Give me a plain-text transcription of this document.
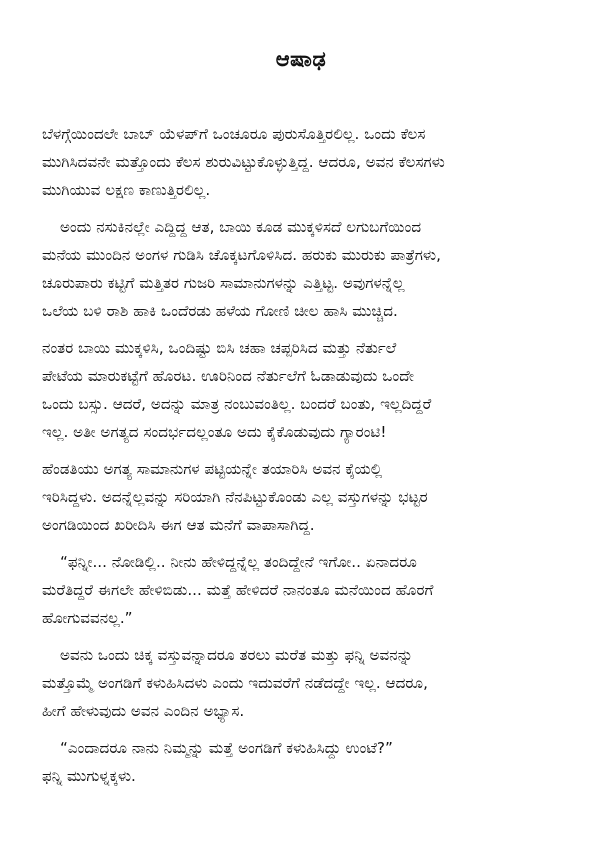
ಆಷಾಢ

ಬೆಳಗ್ಗೆಯಿಂದಲೇ ಬಾಬ್ ಯೆಳಪ್‌ಗೆ ಒಂಚೂರೂ ಪುರುಸೊತ್ತಿರಲಿಲ್ಲ. ಒಂದು ಕೆಲಸ
ಮುಗಿಸಿದವನೇ ಮತ್ತೊಂದು ಕೆಲಸ ಶುರುವಿಟ್ಟುಕೊಳ್ಳುತ್ತಿದ್ದ. ಆದರೂ, ಅವನ ಕೆಲಸಗಳು
ಮುಗಿಯುವ ಲಕ್ಷಣ ಕಾಣುತ್ತಿರಲಿಲ್ಲ.

ಅಂದು ನಸುಕಿನಲ್ಲೇ ಎದ್ದಿದ್ದ ಆತ, ಬಾಯಿ ಕೂಡ ಮುಕ್ಕಳಿಸದೆ ಲಗುಬಗೆಯಿಂದ
ಮನೆಯ ಮುಂದಿನ ಅಂಗಳ ಗುಡಿಸಿ ಚೊಕ್ಕಟಗೊಳಿಸಿದ. ಹರುಕು ಮುರುಕು ಪಾತ್ರೆಗಳು,
ಚೂರುಪಾರು ಕಟ್ಟಿಗೆ ಮತ್ತಿತರ ಗುಜರಿ ಸಾಮಾನುಗಳನ್ನು ಎತ್ತಿಟ್ಟ. ಅವುಗಳನ್ನೆಲ್ಲ
ಒಲೆಯ ಬಳಿ ರಾಶಿ ಹಾಕಿ ಒಂದೆರಡು ಹಳೆಯ ಗೋಣಿ ಚೀಲ ಹಾಸಿ ಮುಚ್ಚಿದ.

ನಂತರ ಬಾಯಿ ಮುಕ್ಕಳಿಸಿ, ಒಂದಿಷ್ಟು ಬಿಸಿ ಚಹಾ ಚಪ್ಪರಿಸಿದ ಮತ್ತು ನೆರ್ತುಲೆ
ಪೇಟೆಯ ಮಾರುಕಟ್ಟೆಗೆ ಹೊರಟ. ಊರಿನಿಂದ ನೆರ್ತುಲೆಗೆ ಓಡಾಡುವುದು ಒಂದೇ
ಒಂದು ಬಸ್ಸು. ಆದರೆ, ಅದನ್ನು ಮಾತ್ರ ನಂಬುವಂತಿಲ್ಲ. ಬಂದರೆ ಬಂತು, ಇಲ್ಲದಿದ್ದರೆ
ಇಲ್ಲ. ಅತೀ ಅಗತ್ಯದ ಸಂದರ್ಭದಲ್ಲಂತೂ ಅದು ಕೈಕೊಡುವುದು ಗ್ಯಾರಂಟಿ!

ಹೆಂಡತಿಯು ಅಗತ್ಯ ಸಾಮಾನುಗಳ ಪಟ್ಟಿಯನ್ನೇ ತಯಾರಿಸಿ ಅವನ ಕೈಯಲ್ಲಿ
ಇರಿಸಿದ್ದಳು. ಅದನ್ನೆಲ್ಲವನ್ನು ಸರಿಯಾಗಿ ನೆನಪಿಟ್ಟುಕೊಂಡು ಎಲ್ಲ ವಸ್ತುಗಳನ್ನು ಭಟ್ಟರ
ಅಂಗಡಿಯಿಂದ ಖರೀದಿಸಿ ಈಗ ಆತ ಮನೆಗೆ ವಾಪಾಸಾಗಿದ್ದ.

“ಫನ್ನೀ... ನೋಡಿಲ್ಲಿ.. ನೀನು ಹೇಳಿದ್ದನ್ನೆಲ್ಲ ತಂದಿದ್ದೇನೆ ಇಗೋ.. ಏನಾದರೂ
ಮರೆತಿದ್ದರೆ ಈಗಲೇ ಹೇಳಿಬಿಡು... ಮತ್ತೆ ಹೇಳಿದರೆ ನಾನಂತೂ ಮನೆಯಿಂದ ಹೊರಗೆ
ಹೋಗುವವನಲ್ಲ.”

ಅವನು ಒಂದು ಚಿಕ್ಕ ವಸ್ತುವನ್ನಾದರೂ ತರಲು ಮರೆತ ಮತ್ತು ಫನ್ನಿ ಅವನನ್ನು
ಮತ್ತೊಮ್ಮೆ ಅಂಗಡಿಗೆ ಕಳುಹಿಸಿದಳು ಎಂದು ಇದುವರೆಗೆ ನಡೆದದ್ದೇ ಇಲ್ಲ. ಆದರೂ,
ಹೀಗೆ ಹೇಳುವುದು ಅವನ ಎಂದಿನ ಅಭ್ಯಾಸ.

“ಎಂದಾದರೂ ನಾನು ನಿಮ್ಮನ್ನು ಮತ್ತೆ ಅಂಗಡಿಗೆ ಕಳುಹಿಸಿದ್ದು ಉಂಟೆ?”
ಫನ್ನಿ ಮುಗುಳ್ನಕ್ಕಳು.
